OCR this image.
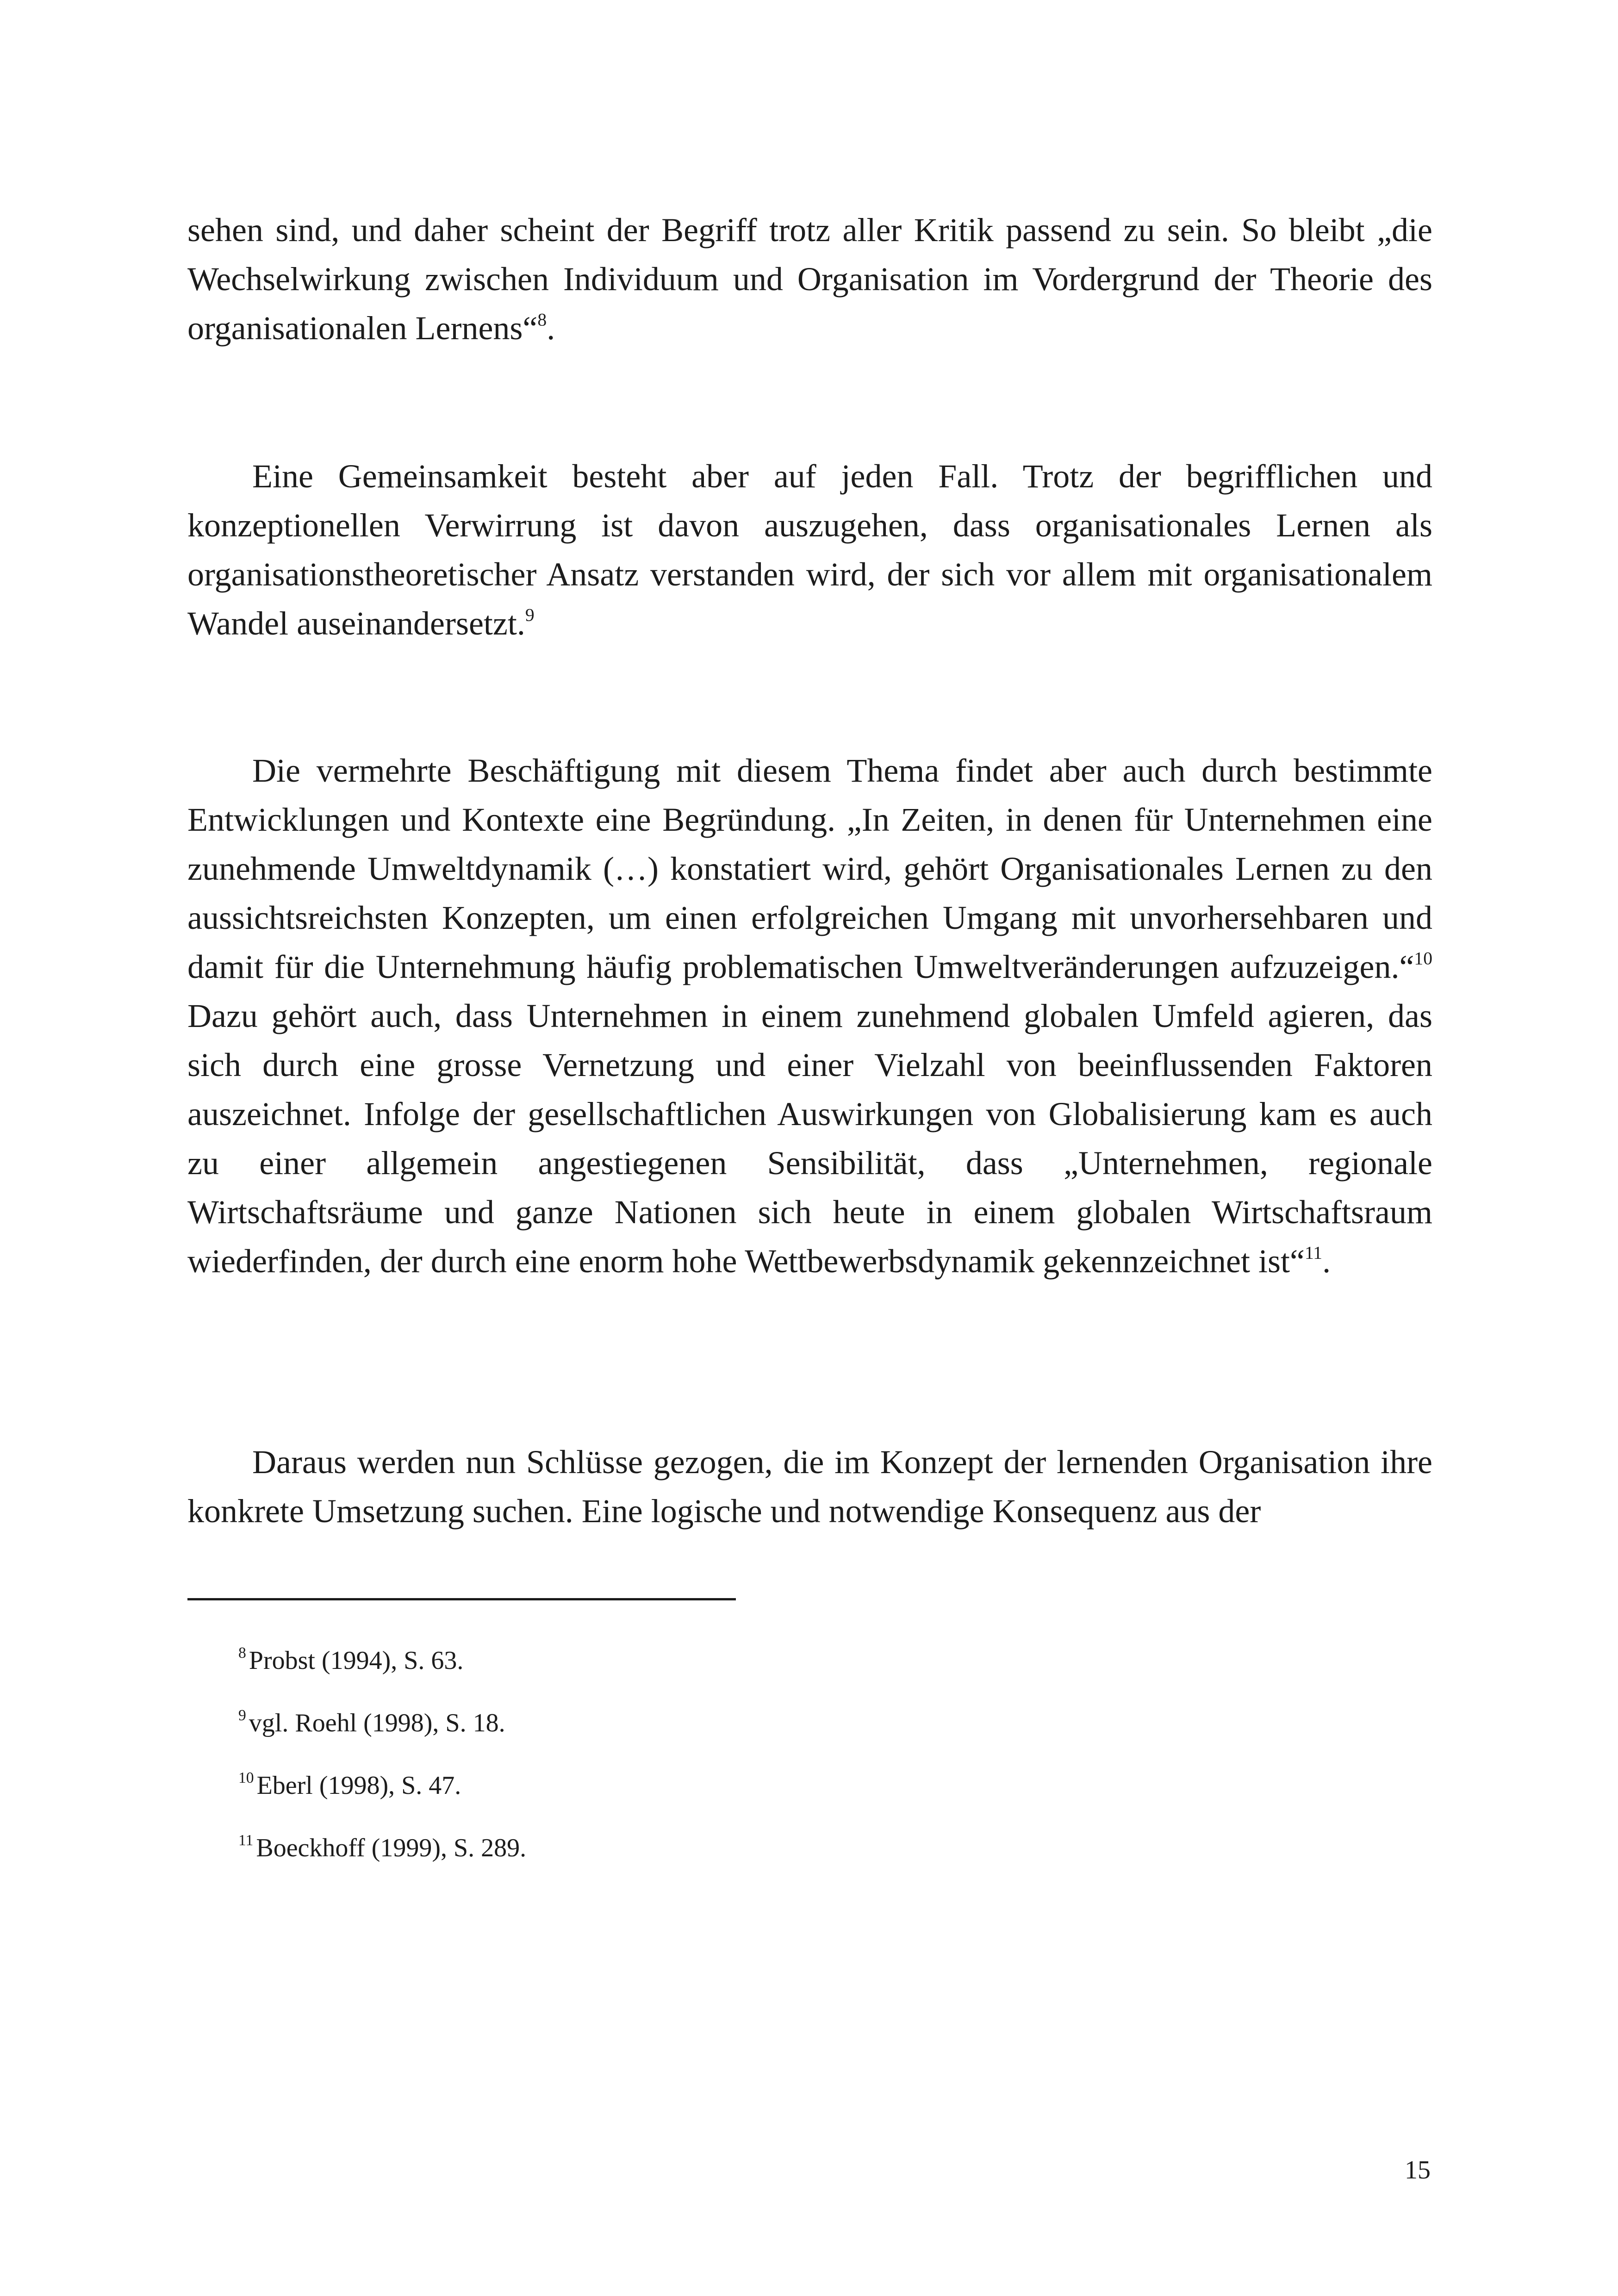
sehen sind, und daher scheint der Begriff trotz aller Kritik passend zu sein. So bleibt „die Wechselwirkung zwischen Individuum und Organisation im Vordergrund der Theorie des organisationalen Lernens“$^8$.

Eine Gemeinsamkeit besteht aber auf jeden Fall. Trotz der begrifflichen und konzeptionellen Verwirrung ist davon auszugehen, dass organisationales Lernen als organisationstheoretischer Ansatz verstanden wird, der sich vor allem mit organisationalem Wandel auseinandersetzt.$^9$

Die vermehrte Beschäftigung mit diesem Thema findet aber auch durch bestimmte Entwicklungen und Kontexte eine Begründung. „In Zeiten, in denen für Unternehmen eine zunehmende Umweltdynamik (…) konstatiert wird, gehört Organisationales Lernen zu den aussichtsreichsten Konzepten, um einen erfolgreichen Umgang mit unvorhersehbaren und damit für die Unternehmung häufig problematischen Umweltveränderungen aufzuzeigen.“$^{10}$ Dazu gehört auch, dass Unternehmen in einem zunehmend globalen Umfeld agieren, das sich durch eine grosse Vernetzung und einer Vielzahl von beeinflussenden Faktoren auszeichnet. Infolge der gesellschaftlichen Auswirkungen von Globalisierung kam es auch zu einer allgemein angestiegenen Sensibilität, dass „Unternehmen, regionale Wirtschaftsräume und ganze Nationen sich heute in einem globalen Wirtschaftsraum wiederfinden, der durch eine enorm hohe Wettbewerbsdynamik gekennzeichnet ist“$^{11}$.

Daraus werden nun Schlüsse gezogen, die im Konzept der lernenden Organisation ihre konkrete Umsetzung suchen. Eine logische und notwendige Konsequenz aus der

$^8$ Probst (1994), S. 63.

$^9$ vgl. Roehl (1998), S. 18.

$^{10}$ Eberl (1998), S. 47.

$^{11}$ Boeckhoff (1999), S. 289.

15
